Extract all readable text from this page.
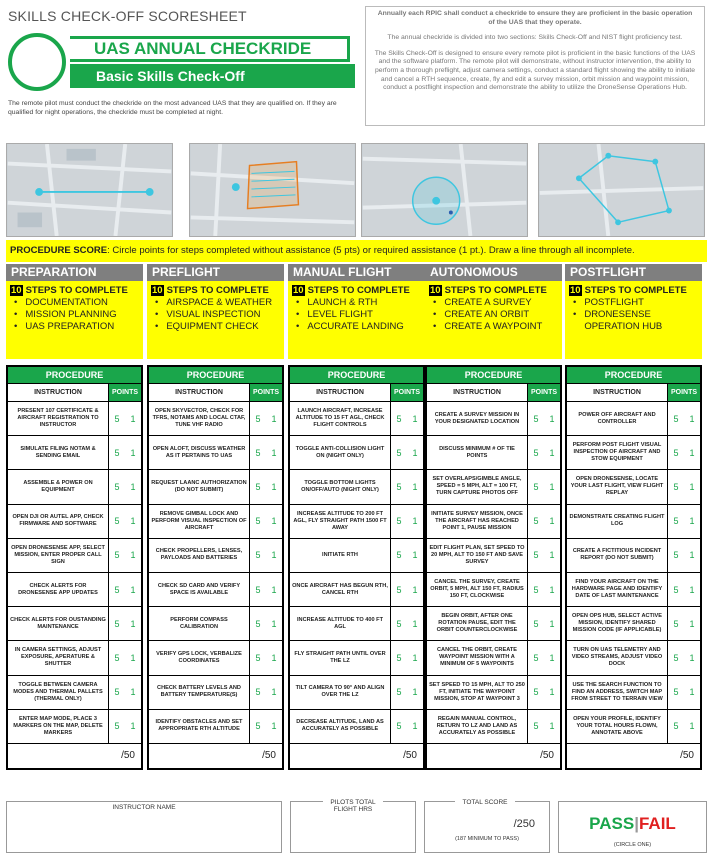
SKILLS CHECK-OFF SCORESHEET
UAS ANNUAL CHECKRIDE
Basic Skills Check-Off
The remote pilot must conduct the checkride on the most advanced UAS that they are qualified on. If they are qualified for night operations, the checkride must be completed at night.

Annually each RPIC shall conduct a checkride to ensure they are proficient in the basic operation of the UAS that they operate.

The annual checkride is divided into two sections: Skills Check-Off and NIST flight proficiency test.

The Skills Check-Off is designed to ensure every remote pilot is proficient in the basic functions of the UAS and the software platform. The remote pilot will demonstrate, without instructor intervention, the ability to perform a thorough preflight, adjust camera settings, conduct a standard flight showing the ability to initiate and cancel a RTH sequence, create, fly and edit a survey mission, orbit mission and waypoint mission, conduct a postflight inspection and demonstrate the ability to utilize the DroneSense Operations Hub.

PROCEDURE SCORE: Circle points for steps completed without assistance (5 pts) or required assistance (1 pt.). Draw a line through all incomplete.
PREPARATION
10 STEPS TO COMPLETE
• DOCUMENTATION
• MISSION PLANNING
• UAS PREPARATION
PROCEDURE
INSTRUCTION	POINTS
PRESENT 107 CERTIFICATE & AIRCRAFT REGISTRATION TO INSTRUCTOR
5 1
SIMULATE FILING NOTAM & SENDING EMAIL	5 1
ASSEMBLE & POWER ON EQUIPMENT	5 1
OPEN DJI OR AUTEL APP, CHECK FIRMWARE AND SOFTWARE	5 1
OPEN DRONESENSE APP, SELECT MISSION, ENTER PROPER CALL SIGN
5 1
CHECK ALERTS FOR DRONESENSE APP UPDATES	5 1
CHECK ALERTS FOR OUSTANDING MAINTENANCE	5 1
IN CAMERA SETTINGS, ADJUST EXPOSURE, APERATURE & SHUTTER
5 1
TOGGLE BETWEEN CAMERA MODES AND THERMAL PALLETS (THERMAL ONLY)
5 1
ENTER MAP MODE, PLACE 3 MARKERS ON THE MAP, DELETE MARKERS
5 1
/50
PREFLIGHT
10 STEPS TO COMPLETE
• AIRSPACE & WEATHER
• VISUAL INSPECTION
• EQUIPMENT CHECK
PROCEDURE
INSTRUCTION	POINTS
OPEN SKYVECTOR, CHECK FOR TFRS, NOTAMS AND LOCAL CTAF, TUNE VHF RADIO
5 1
OPEN ALOFT, DISCUSS WEATHER AS IT PERTAINS TO UAS	5 1
REQUEST LAANC AUTHORIZATION (DO NOT SUBMIT)	5 1
REMOVE GIMBAL LOCK AND PERFORM VISUAL INSPECTION OF AIRCRAFT
5 1
CHECK PROPELLERS, LENSES, PAYLOADS AND BATTERIES	5 1
CHECK SD CARD AND VERIFY SPACE IS AVAILABLE	5 1
PERFORM COMPASS CALIBRATION	5 1
VERIFY GPS LOCK, VERBALIZE COORDINATES	5 1
CHECK BATTERY LEVELS AND BATTERY TEMPERATURE(S)	5 1
IDENTIFY OBSTACLES AND SET APPROPRIATE RTH ALTITUDE	5 1
/50
MANUAL FLIGHT
10 STEPS TO COMPLETE
• LAUNCH & RTH
• LEVEL FLIGHT
• ACCURATE LANDING
PROCEDURE
INSTRUCTION	POINTS
LAUNCH AIRCRAFT, INCREASE ALTITUDE TO 15 FT AGL, CHECK FLIGHT CONTROLS
5 1
TOGGLE ANTI-COLLISION LIGHT ON (NIGHT ONLY)	5 1
TOGGLE BOTTOM LIGHTS ON/OFF/AUTO (NIGHT ONLY)	5 1
INCREASE ALTITUDE TO 200 FT AGL, FLY STRAIGHT PATH 1500 FT AWAY
5 1
INITIATE RTH	5 1
ONCE AIRCRAFT HAS BEGUN RTH, CANCEL RTH	5 1
INCREASE ALTITUDE TO 400 FT AGL	5 1
FLY STRAIGHT PATH UNTIL OVER THE LZ	5 1
TILT CAMERA TO 90° AND ALIGN OVER THE LZ	5 1
DECREASE ALTITUDE, LAND AS ACCURATELY AS POSSIBLE	5 1
/50
AUTONOMOUS
10 STEPS TO COMPLETE
• CREATE A SURVEY
• CREATE AN ORBIT
• CREATE A WAYPOINT
PROCEDURE
INSTRUCTION	POINTS
CREATE A SURVEY MISSION IN YOUR DESIGNATED LOCATION	5 1
DISCUSS MINIMUM # OF TIE POINTS	5 1
SET OVERLAPS/GIMBLE ANGLE, SPEED = 5 MPH, ALT = 100 FT, TURN CAPTURE PHOTOS OFF
5 1
INITIATE SURVEY MISSION, ONCE THE AIRCRAFT HAS REACHED POINT 1, PAUSE MISSION
5 1
EDIT FLIGHT PLAN, SET SPEED TO 20 MPH, ALT TO 150 FT AND SAVE SURVEY
5 1
CANCEL THE SURVEY, CREATE ORBIT, 5 MPH, ALT 150 FT, RADIUS 150 FT, CLOCKWISE
5 1
BEGIN ORBIT, AFTER ONE ROTATION PAUSE, EDIT THE ORBIT COUNTERCLOCKWISE
5 1
CANCEL THE ORBIT, CREATE WAYPOINT MISSION WITH A MINIMUM OF 5 WAYPOINTS
5 1
SET SPEED TO 15 MPH, ALT TO 250 FT, INITIATE THE WAYPOINT MISSION, STOP AT WAYPOINT 3
5 1
REGAIN MANUAL CONTROL, RETURN TO LZ AND LAND AS ACCURATELY AS POSSIBLE
5 1
/50
POSTFLIGHT
10 STEPS TO COMPLETE
• POSTFLIGHT
• DRONESENSE OPERATION HUB
PROCEDURE
INSTRUCTION	POINTS
POWER OFF AIRCRAFT AND CONTROLLER	5 1
PERFORM POST FLIGHT VISUAL INSPECTION OF AIRCRAFT AND STOW EQUIPMENT
5 1
OPEN DRONESENSE, LOCATE YOUR LAST FLIGHT, VIEW FLIGHT REPLAY
5 1
DEMONSTRATE CREATING FLIGHT LOG	5 1
CREATE A FICTITIOUS INCIDENT REPORT (DO NOT SUBMIT)	5 1
FIND YOUR AIRCRAFT ON THE HARDWARE PAGE AND IDENTIFY DATE OF LAST MAINTENANCE
5 1
OPEN OPS HUB, SELECT ACTIVE MISSION, IDENTIFY SHARED MISSION CODE (IF APPLICABLE)
5 1
TURN ON UAS TELEMETRY AND VIDEO STREAMS, ADJUST VIDEO DOCK
5 1
USE THE SEARCH FUNCTION TO FIND AN ADDRESS, SWITCH MAP FROM STREET TO TERRAIN VIEW
5 1
OPEN YOUR PROFILE, IDENTIFY YOUR TOTAL HOURS FLOWN, ANNOTATE ABOVE
5 1
/50
INSTRUCTOR NAME
PILOTS TOTAL FLIGHT HRS
TOTAL SCORE
/250
(187 MINIMUM TO PASS)
PASS|FAIL
(CIRCLE ONE)
